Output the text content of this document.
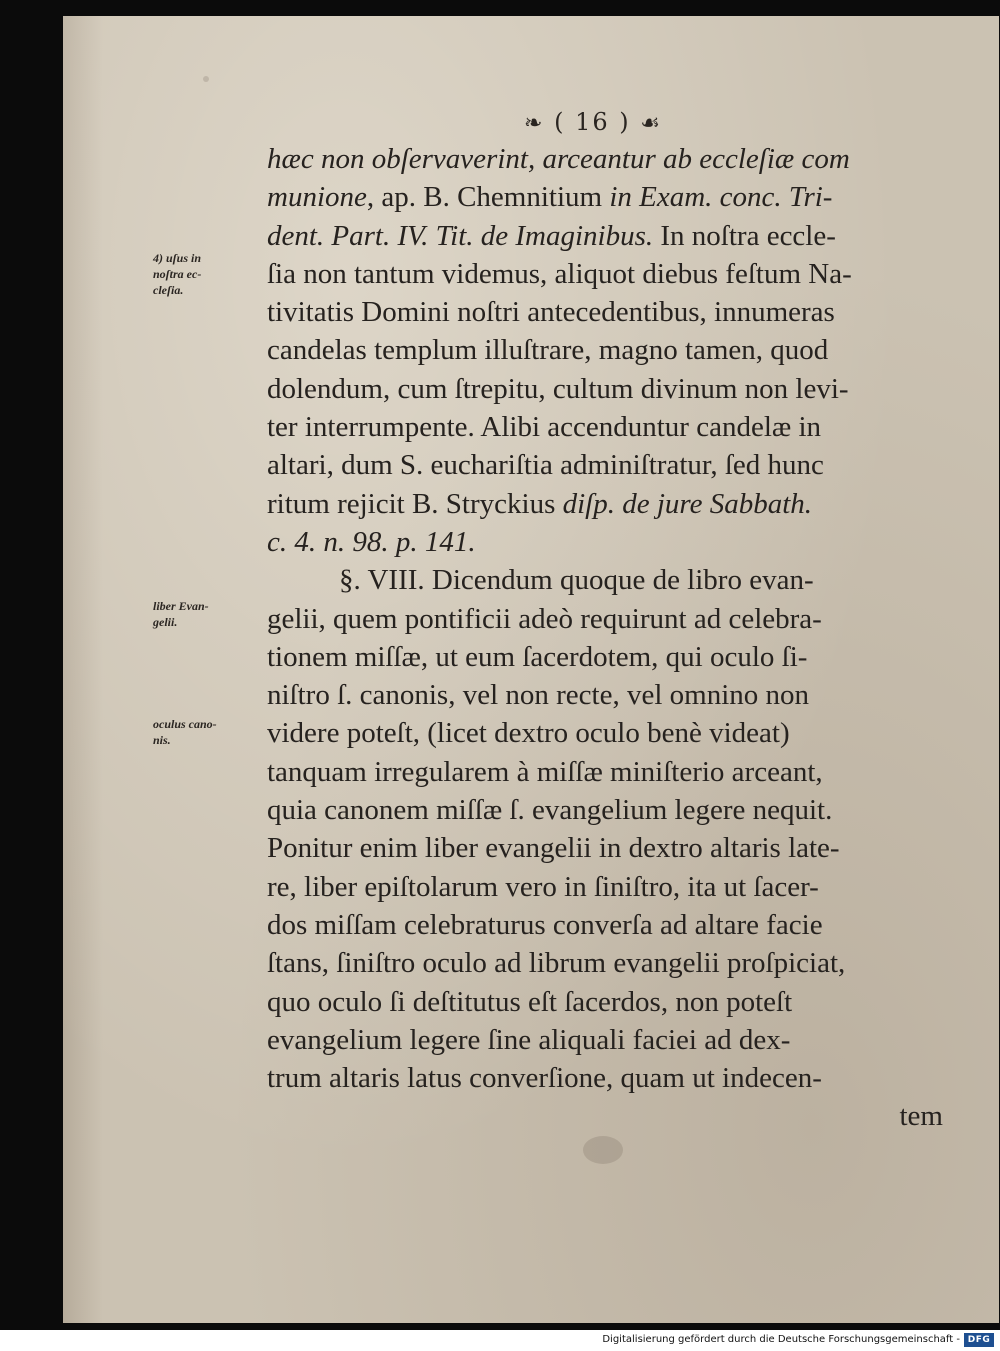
❧ ( 16 ) ☙
hæc non obſervaverint, arceantur ab eccleſiæ com
munione, ap. B. Chemnitium in Exam. conc. Tri-
dent. Part. IV. Tit. de Imaginibus. In noſtra eccle-
ſia non tantum videmus, aliquot diebus feſtum Na-
tivitatis Domini noſtri antecedentibus, innumeras
candelas templum illuſtrare, magno tamen, quod
dolendum, cum ſtrepitu, cultum divinum non levi-
ter interrumpente. Alibi accenduntur candelæ in
altari, dum S. euchariſtia adminiſtratur, ſed hunc
ritum rejicit B. Stryckius diſp. de jure Sabbath.
c. 4. n. 98. p. 141.
§. VIII. Dicendum quoque de libro evan-
gelii, quem pontificii adeò requirunt ad celebra-
tionem miſſæ, ut eum ſacerdotem, qui oculo ſi-
niſtro ſ. canonis, vel non recte, vel omnino non
videre poteſt, (licet dextro oculo benè videat)
tanquam irregularem à miſſæ miniſterio arceant,
quia canonem miſſæ ſ. evangelium legere nequit.
Ponitur enim liber evangelii in dextro altaris late-
re, liber epiſtolarum vero in ſiniſtro, ita ut ſacer-
dos miſſam celebraturus converſa ad altare facie
ſtans, ſiniſtro oculo ad librum evangelii proſpiciat,
quo oculo ſi deſtitutus eſt ſacerdos, non poteſt
evangelium legere ſine aliquali faciei ad dex-
trum altaris latus converſione, quam ut indecen-
tem
4) uſus in
noſtra ec-
cleſia.
liber Evan-
gelii.
oculus cano-
nis.
Digitalisierung gefördert durch die Deutsche Forschungsgemeinschaft - DFG
